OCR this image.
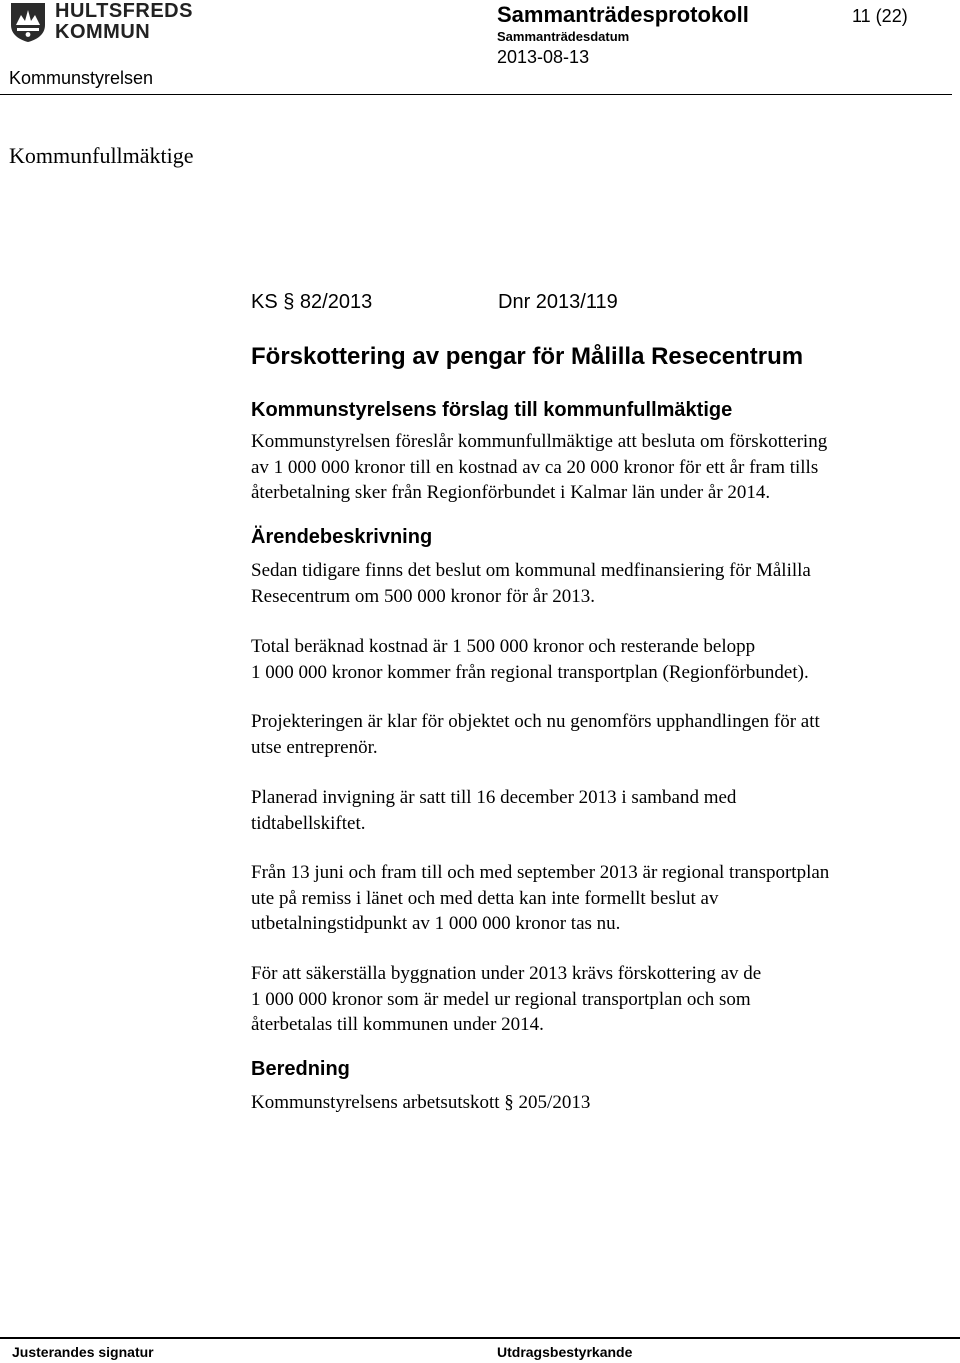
HULTSFREDS
KOMMUN
Kommunstyrelsen
Sammanträdesprotokoll
Sammanträdesdatum
2013-08-13
11 (22)
Kommunfullmäktige

KS § 82/2013

	Dnr 2013/119

Förskottering av pengar för Målilla Resecentrum
Kommunstyrelsens förslag till kommunfullmäktige
Kommunstyrelsen föreslår kommunfullmäktige att besluta om förskottering
av 1 000 000 kronor till en kostnad av ca 20 000 kronor för ett år fram tills
återbetalning sker från Regionförbundet i Kalmar län under år 2014.
Ärendebeskrivning
Sedan tidigare finns det beslut om kommunal medfinansiering för Målilla
Resecentrum om 500 000 kronor för år 2013.
Total beräknad kostnad är 1 500 000 kronor och resterande belopp
1 000 000 kronor kommer från regional transportplan (Regionförbundet).
Projekteringen är klar för objektet och nu genomförs upphandlingen för att
utse entreprenör.
Planerad invigning är satt till 16 december 2013 i samband med
tidtabellskiftet.
Från 13 juni och fram till och med september 2013 är regional transportplan
ute på remiss i länet och med detta kan inte formellt beslut av
utbetalningstidpunkt av 1 000 000 kronor tas nu.
För att säkerställa byggnation under 2013 krävs förskottering av de
1 000 000 kronor som är medel ur regional transportplan och som
återbetalas till kommunen under 2014.
Beredning
Kommunstyrelsens arbetsutskott § 205/2013
Justerandes signatur	Utdragsbestyrkande
